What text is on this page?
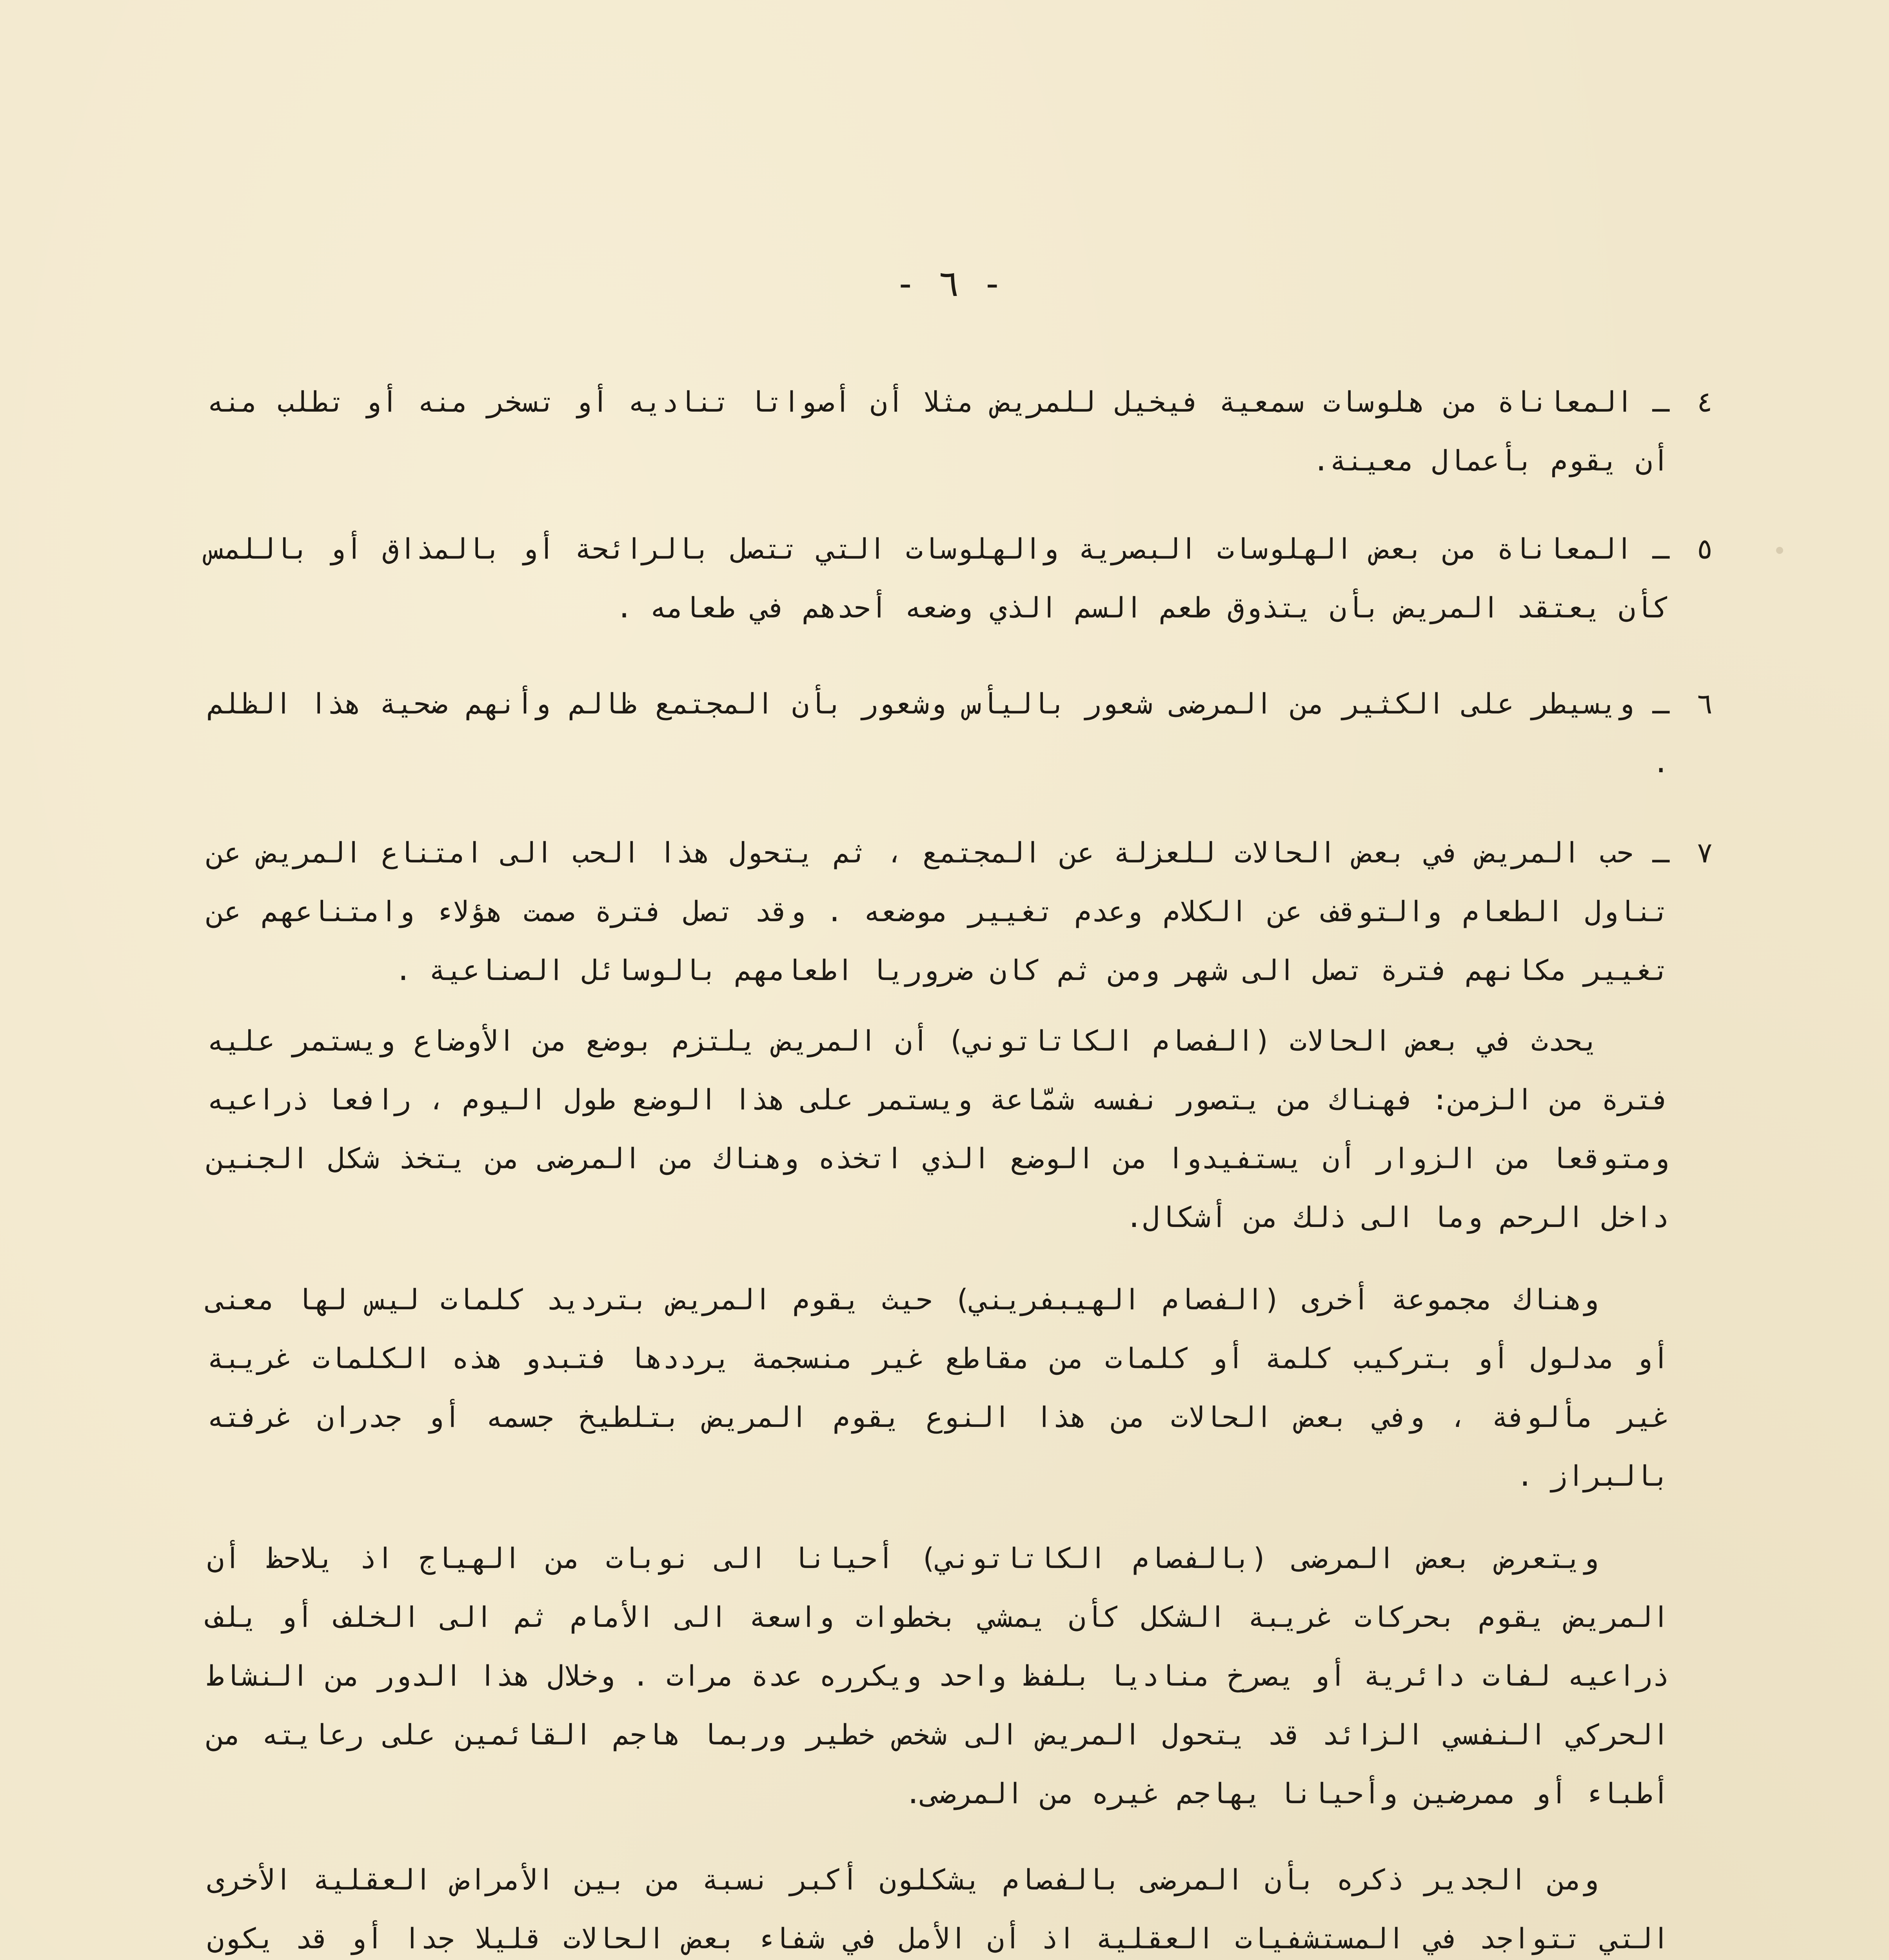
- ٦ -
٤
ـ المعاناة من هلوسات سمعية فيخيل للمريض مثلا أن أصواتا تناديه أو تسخر منه أو تطلب منه أن يقوم بأعمال معينة.
٥
ـ المعاناة من بعض الهلوسات البصرية والهلوسات التي تتصل بالرائحة أو بالمذاق أو باللمس كأن يعتقد المريض بأن يتذوق طعم السم الذي وضعه أحدهم في طعامه .
٦
ـ ويسيطر على الكثير من المرضى شعور باليأس وشعور بأن المجتمع ظالم وأنهم ضحية هذا الظلم .
٧
ـ حب المريض في بعض الحالات للعزلة عن المجتمع ، ثم يتحول هذا الحب الى امتناع المريض عن تناول الطعام والتوقف عن الكلام وعدم تغيير موضعه . وقد تصل فترة صمت هؤلاء وامتناعهم عن تغيير مكانهم فترة تصل الى شهر ومن ثم كان ضروريا اطعامهم بالوسائل الصناعية .

يحدث في بعض الحالات (الفصام الكاتاتوني) أن المريض يلتزم بوضع من الأوضاع ويستمر عليه فترة من الزمن: فهناك من يتصور نفسه شمّاعة ويستمر على هذا الوضع طول اليوم ، رافعا ذراعيه ومتوقعا من الزوار أن يستفيدوا من الوضع الذي اتخذه وهناك من المرضى من يتخذ شكل الجنين داخل الرحم وما الى ذلك من أشكال.

وهناك مجموعة أخرى (الفصام الهيبفريني) حيث يقوم المريض بترديد كلمات ليس لها معنى أو مدلول أو بتركيب كلمة أو كلمات من مقاطع غير منسجمة يرددها فتبدو هذه الكلمات غريبة غير مألوفة ، وفي بعض الحالات من هذا النوع يقوم المريض بتلطيخ جسمه أو جدران غرفته بالبراز .

ويتعرض بعض المرضى (بالفصام الكاتاتوني) أحيانا الى نوبات من الهياج اذ يلاحظ أن المريض يقوم بحركات غريبة الشكل كأن يمشي بخطوات واسعة الى الأمام ثم الى الخلف أو يلف ذراعيه لفات دائرية أو يصرخ مناديا بلفظ واحد ويكرره عدة مرات . وخلال هذا الدور من النشاط الحركي النفسي الزائد قد يتحول المريض الى شخص خطير وربما هاجم القائمين على رعايته من أطباء أو ممرضين وأحيانا يهاجم غيره من المرضى.

ومن الجدير ذكره بأن المرضى بالفصام يشكلون أكبر نسبة من بين الأمراض العقلية الأخرى التي تتواجد في المستشفيات العقلية اذ أن الأمل في شفاء بعض الحالات قليلا جدا أو قد يكون
